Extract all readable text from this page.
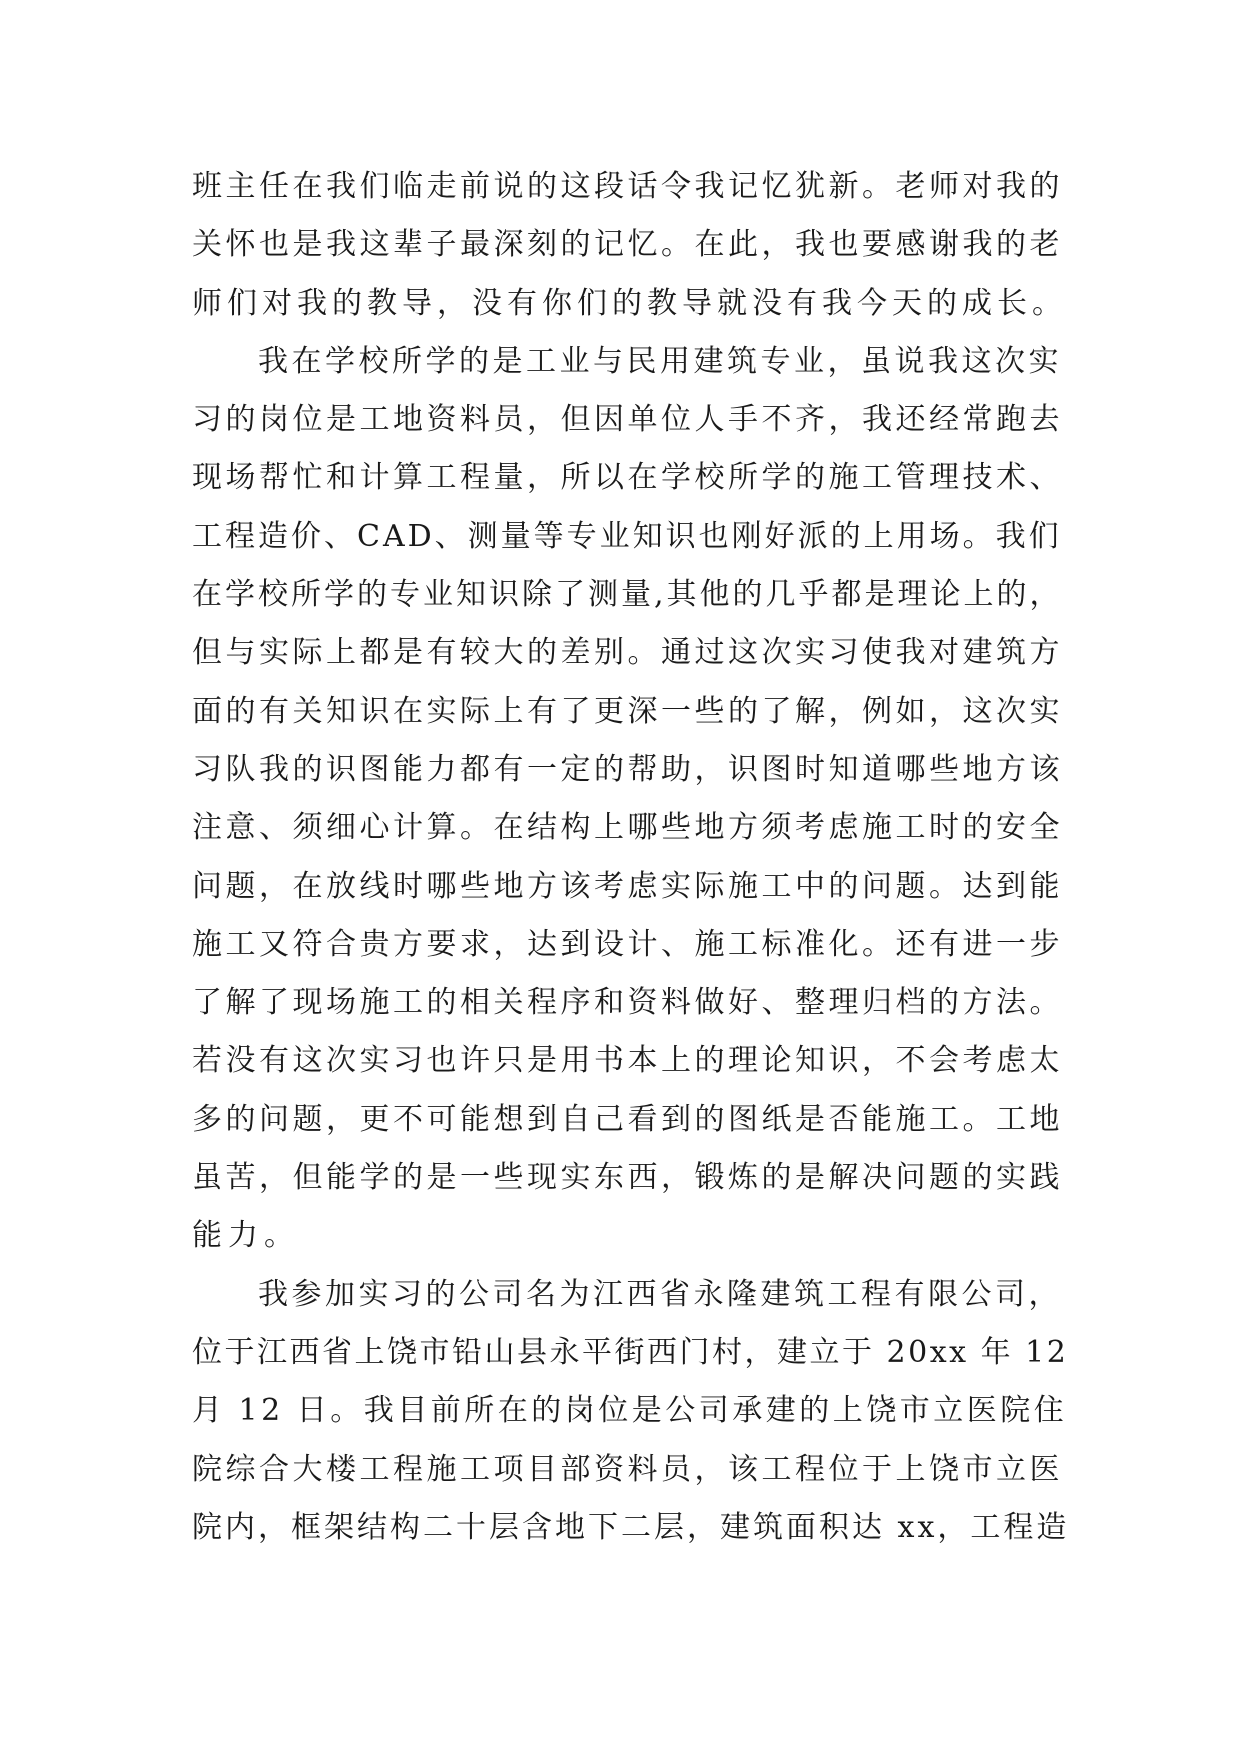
班主任在我们临走前说的这段话令我记忆犹新。老师对我的
关怀也是我这辈子最深刻的记忆。在此，我也要感谢我的老
师们对我的教导，没有你们的教导就没有我今天的成长。
我在学校所学的是工业与民用建筑专业，虽说我这次实
习的岗位是工地资料员，但因单位人手不齐，我还经常跑去
现场帮忙和计算工程量，所以在学校所学的施工管理技术、
工程造价、CAD、测量等专业知识也刚好派的上用场。我们
在学校所学的专业知识除了测量,其他的几乎都是理论上的，
但与实际上都是有较大的差别。通过这次实习使我对建筑方
面的有关知识在实际上有了更深一些的了解，例如，这次实
习队我的识图能力都有一定的帮助，识图时知道哪些地方该
注意、须细心计算。在结构上哪些地方须考虑施工时的安全
问题，在放线时哪些地方该考虑实际施工中的问题。达到能
施工又符合贵方要求，达到设计、施工标准化。还有进一步
了解了现场施工的相关程序和资料做好、整理归档的方法。
若没有这次实习也许只是用书本上的理论知识，不会考虑太
多的问题，更不可能想到自己看到的图纸是否能施工。工地
虽苦，但能学的是一些现实东西，锻炼的是解决问题的实践
能力。
我参加实习的公司名为江西省永隆建筑工程有限公司，
位于江西省上饶市铅山县永平街西门村，建立于 20xx 年 12
月 12 日。我目前所在的岗位是公司承建的上饶市立医院住
院综合大楼工程施工项目部资料员，该工程位于上饶市立医
院内，框架结构二十层含地下二层，建筑面积达 xx，工程造
